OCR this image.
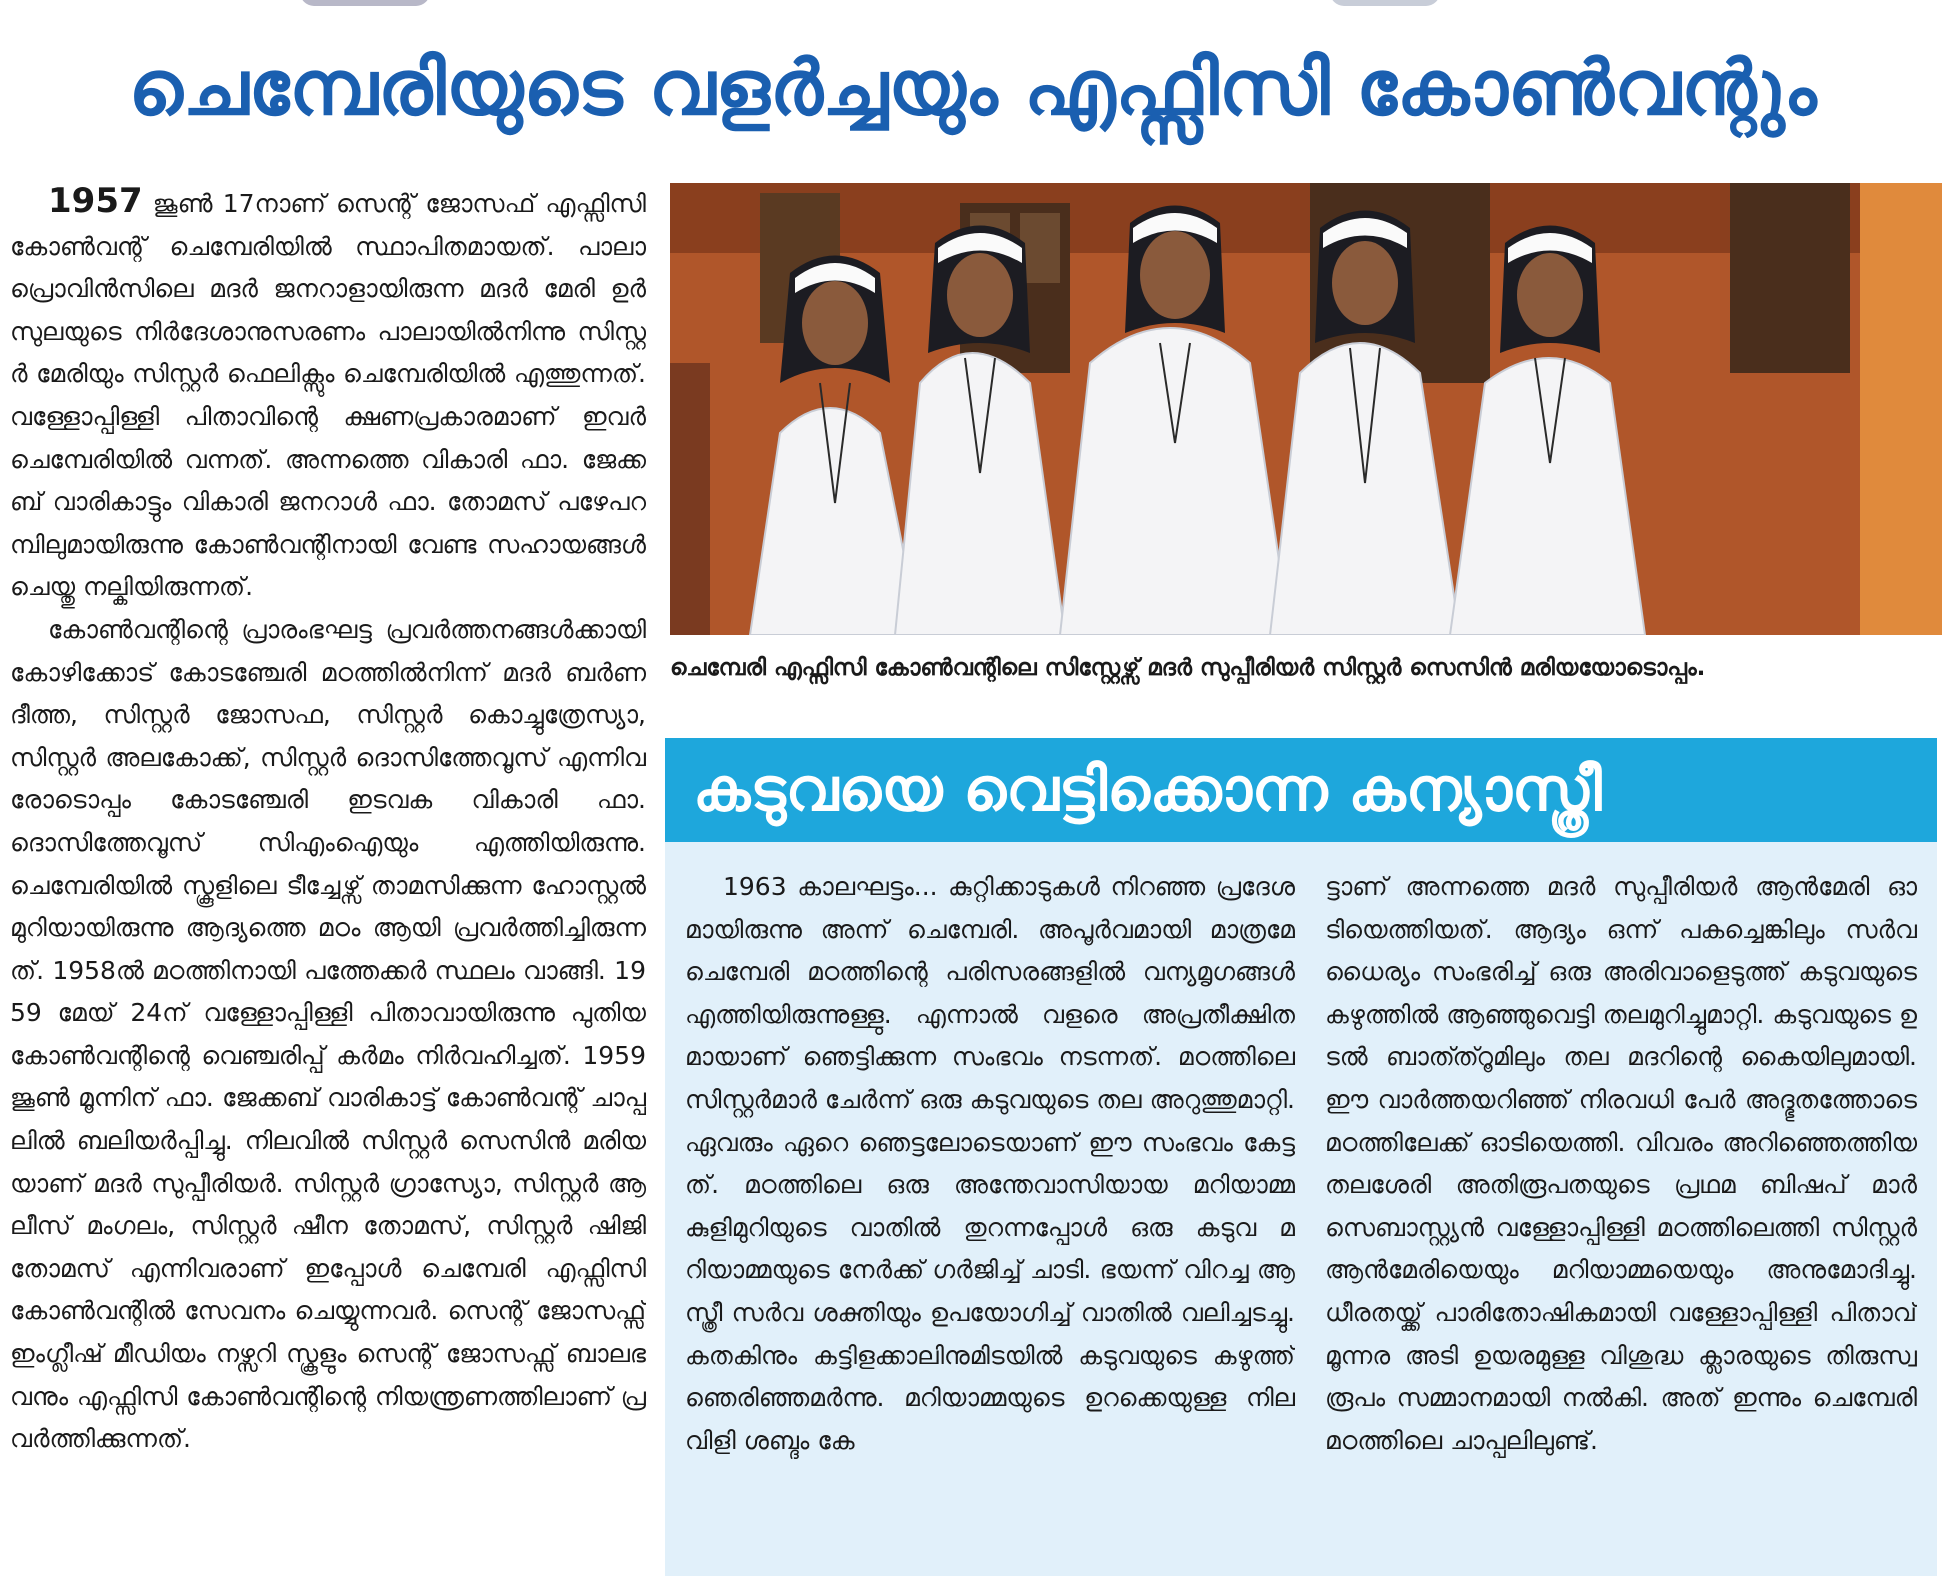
ചെമ്പേരിയുടെ വളർച്ചയും എഫ്സിസി കോൺവന്റും

1957 ജൂൺ 17നാണ് സെന്റ് ജോസഫ് എഫ്സിസി കോൺവന്റ് ചെമ്പേരിയിൽ സ്ഥാപിതമായത്. പാലാ പ്രൊവിൻസിലെ മദർ ജനറാളായിരുന്ന മദർ മേരി ഉർസുലയുടെ നിർദേശാനുസരണം പാലായിൽനിന്നു സിസ്റ്റർ മേരിയും സിസ്റ്റർ ഫെലിക്സും ചെമ്പേരിയിൽ എത്തുന്നത്. വള്ളോപ്പിള്ളി പിതാവിന്റെ ക്ഷണപ്രകാരമാണ് ഇവർ ചെമ്പേരിയിൽ വന്നത്. അന്നത്തെ വികാരി ഫാ. ജേക്കബ് വാരികാട്ടും വികാരി ജനറാൾ ഫാ. തോമസ് പഴേപറമ്പിലുമായിരുന്നു കോൺവന്റിനായി വേണ്ട സഹായങ്ങൾ ചെയ്തു നല്കിയിരുന്നത്.

കോൺവന്റിന്റെ പ്രാരംഭഘട്ട പ്രവർത്തനങ്ങൾക്കായി കോഴിക്കോട് കോടഞ്ചേരി മഠത്തിൽനിന്ന് മദർ ബർണദീത്ത, സിസ്റ്റർ ജോസഫ, സിസ്റ്റർ കൊച്ചുത്രേസ്യാ, സിസ്റ്റർ അലകോക്ക്, സിസ്റ്റർ ദൊസിത്തേവൂസ് എന്നിവരോടൊപ്പം കോടഞ്ചേരി ഇടവക വികാരി ഫാ. ദൊസിത്തേവൂസ് സിഎംഐയും എത്തിയിരുന്നു. ചെമ്പേരിയിൽ സ്കൂളിലെ ടീച്ചേഴ്സ് താമസിക്കുന്ന ഹോസ്റ്റൽ മുറിയായിരുന്നു ആദ്യത്തെ മഠം ആയി പ്രവർത്തിച്ചിരുന്നത്. 1958ൽ മഠത്തിനായി പത്തേക്കർ സ്ഥലം വാങ്ങി. 1959 മേയ് 24ന് വള്ളോപ്പിള്ളി പിതാവായിരുന്നു പുതിയ കോൺവന്റിന്റെ വെഞ്ചരിപ്പ് കർമം നിർവഹിച്ചത്. 1959 ജൂൺ മൂന്നിന് ഫാ. ജേക്കബ് വാരികാട്ട് കോൺവന്റ് ചാപ്പലിൽ ബലിയർപ്പിച്ചു. നിലവിൽ സിസ്റ്റർ സെസിൻ മരിയയാണ് മദർ സുപ്പീരിയർ. സിസ്റ്റർ ഗ്രാസ്യോ, സിസ്റ്റർ ആലീസ് മംഗലം, സിസ്റ്റർ ഷീന തോമസ്, സിസ്റ്റർ ഷിജി തോമസ് എന്നിവരാണ് ഇപ്പോൾ ചെമ്പേരി എഫ്സിസി കോൺവന്റിൽ സേവനം ചെയ്യുന്നവർ. സെന്റ് ജോസഫ്സ് ഇംഗ്ലീഷ് മീഡിയം നഴ്സറി സ്കൂളും സെന്റ് ജോസഫ്സ് ബാലഭവനും എഫ്സിസി കോൺവന്റിന്റെ നിയന്ത്രണത്തിലാണ് പ്രവർത്തിക്കുന്നത്.

ചെമ്പേരി എഫ്സിസി കോൺവന്റിലെ സിസ്റ്റേഴ്സ് മദർ സുപ്പീരിയർ സിസ്റ്റർ സെസിൻ മരിയയോടൊപ്പം.
കടുവയെ വെട്ടിക്കൊന്ന കന്യാസ്ത്രീ

1963 കാലഘട്ടം... കുറ്റിക്കാടുകൾ നിറഞ്ഞ പ്രദേശമായിരുന്നു അന്ന് ചെമ്പേരി. അപൂർവമായി മാത്രമേ ചെമ്പേരി മഠത്തിന്റെ പരിസരങ്ങളിൽ വന്യമൃഗങ്ങൾ എത്തിയിരുന്നുള്ളു. എന്നാൽ വളരെ അപ്രതീക്ഷിതമായാണ് ഞെട്ടിക്കുന്ന സംഭവം നടന്നത്. മഠത്തിലെ സിസ്റ്റർമാർ ചേർന്ന് ഒരു കടുവയുടെ തല അറുത്തുമാറ്റി. ഏവരും ഏറെ ഞെട്ടലോടെയാണ് ഈ സംഭവം കേട്ടത്. മഠത്തിലെ ഒരു അന്തേവാസിയായ മറിയാമ്മ കുളിമുറിയുടെ വാതിൽ തുറന്നപ്പോൾ ഒരു കടുവ മറിയാമ്മയുടെ നേർക്ക് ഗർജിച്ച് ചാടി. ഭയന്ന് വിറച്ച ആ സ്ത്രീ സർവ ശക്തിയും ഉപയോഗിച്ച് വാതിൽ വലിച്ചടച്ചു. കതകിനും കട്ടിളക്കാലിനുമിടയിൽ കടുവയുടെ കഴുത്ത് ഞെരിഞ്ഞമർന്നു. മറിയാമ്മയുടെ ഉറക്കെയുള്ള നിലവിളി ശബ്ദം കേ

ട്ടാണ് അന്നത്തെ മദർ സുപ്പീരിയർ ആൻമേരി ഓടിയെത്തിയത്. ആദ്യം ഒന്ന് പകച്ചെങ്കിലും സർവധൈര്യം സംഭരിച്ച് ഒരു അരിവാളെടുത്ത് കടുവയുടെ കഴുത്തിൽ ആഞ്ഞുവെട്ടി തലമുറിച്ചുമാറ്റി. കടുവയുടെ ഉടൽ ബാത്ത്റൂമിലും തല മദറിന്റെ കൈയിലുമായി. ഈ വാർത്തയറിഞ്ഞ് നിരവധി പേർ അദ്ഭുതത്തോടെ മഠത്തിലേക്ക് ഓടിയെത്തി. വിവരം അറിഞ്ഞെത്തിയ തലശേരി അതിരൂപതയുടെ പ്രഥമ ബിഷപ് മാർ സെബാസ്റ്റ്യൻ വള്ളോപ്പിള്ളി മഠത്തിലെത്തി സിസ്റ്റർ ആൻമേരിയെയും മറിയാമ്മയെയും അനുമോദിച്ചു. ധീരതയ്ക്ക് പാരിതോഷികമായി വള്ളോപ്പിള്ളി പിതാവ് മൂന്നര അടി ഉയരമുള്ള വിശുദ്ധ ക്ലാരയുടെ തിരുസ്വരൂപം സമ്മാനമായി നൽകി. അത് ഇന്നും ചെമ്പേരി മഠത്തിലെ ചാപ്പലിലുണ്ട്.
